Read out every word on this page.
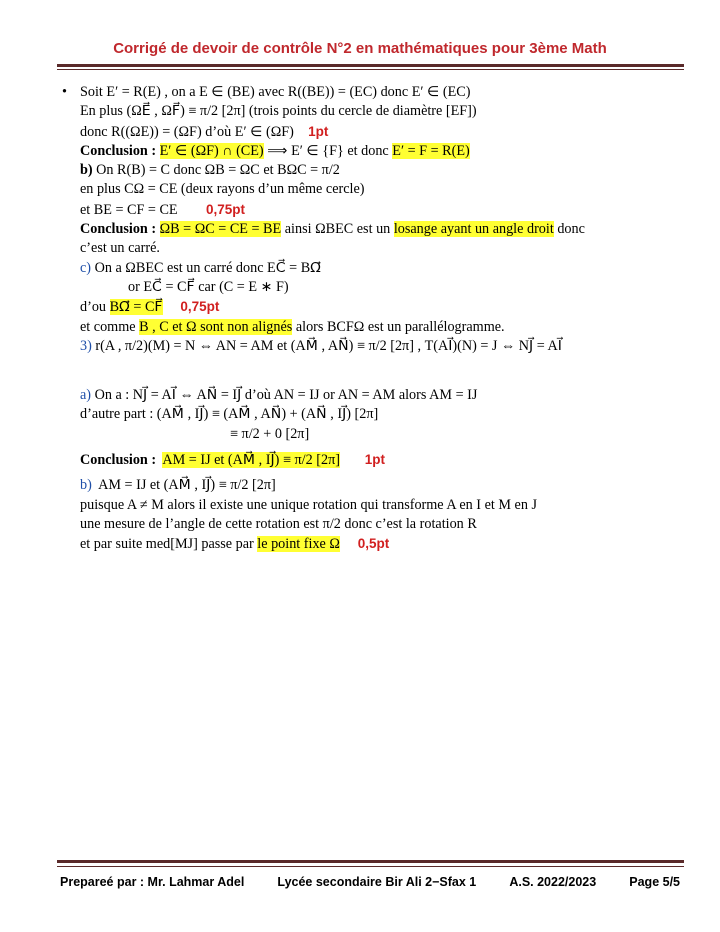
Corrigé de devoir de contrôle N°2 en mathématiques pour 3ème Math
• Soit E′ = R(E) , on a E ∈ (BE) avec R((BE)) = (EC) donc E′ ∈ (EC)
En plus (ΩE⃗ , ΩF⃗) ≡ π/2 [2π] (trois points du cercle de diamètre [EF])
donc R((ΩE)) = (ΩF) d’où E′ ∈ (ΩF) 1pt
Conclusion : E′ ∈ (ΩF) ∩ (CE) ⟹ E′ ∈ {F} et donc E′ = F = R(E)
b) On R(B) = C donc ΩB = ΩC et BΩC = π/2
en plus CΩ = CE (deux rayons d’un même cercle)
et BE = CF = CE 0,75pt
Conclusion : ΩB = ΩC = CE = BE ainsi ΩBEC est un losange ayant un angle droit donc
c’est un carré.
c) On a ΩBEC est un carré donc EC⃗ = BΩ⃗
or EC⃗ = CF⃗ car (C = E ∗ F)
d’ou BΩ⃗ = CF⃗ 0,75pt
et comme B , C et Ω sont non alignés alors BCFΩ est un parallélogramme.
3) r(A , π/2)(M) = N ⇔ AN = AM et (AM⃗ , AN⃗) ≡ π/2 [2π] , T(AI⃗)(N) = J ⇔ NJ⃗ = AI⃗
a) On a : NJ⃗ = AI⃗ ⇔ AN⃗ = IJ⃗ d’où AN = IJ or AN = AM alors AM = IJ
d’autre part : (AM⃗ , IJ⃗) ≡ (AM⃗ , AN⃗) + (AN⃗ , IJ⃗) [2π]
≡ π/2 + 0 [2π]
Conclusion : AM = IJ et (AM⃗ , IJ⃗) ≡ π/2 [2π] 1pt
b) AM = IJ et (AM⃗ , IJ⃗) ≡ π/2 [2π]
puisque A ≠ M alors il existe une unique rotation qui transforme A en I et M en J
une mesure de l’angle de cette rotation est π/2 donc c’est la rotation R
et par suite med[MJ] passe par le point fixe Ω 0,5pt
Prepareé par : Mr. Lahmar Adel	Lycée secondaire Bir Ali 2−Sfax 1	A.S. 2022/2023	Page 5/5
